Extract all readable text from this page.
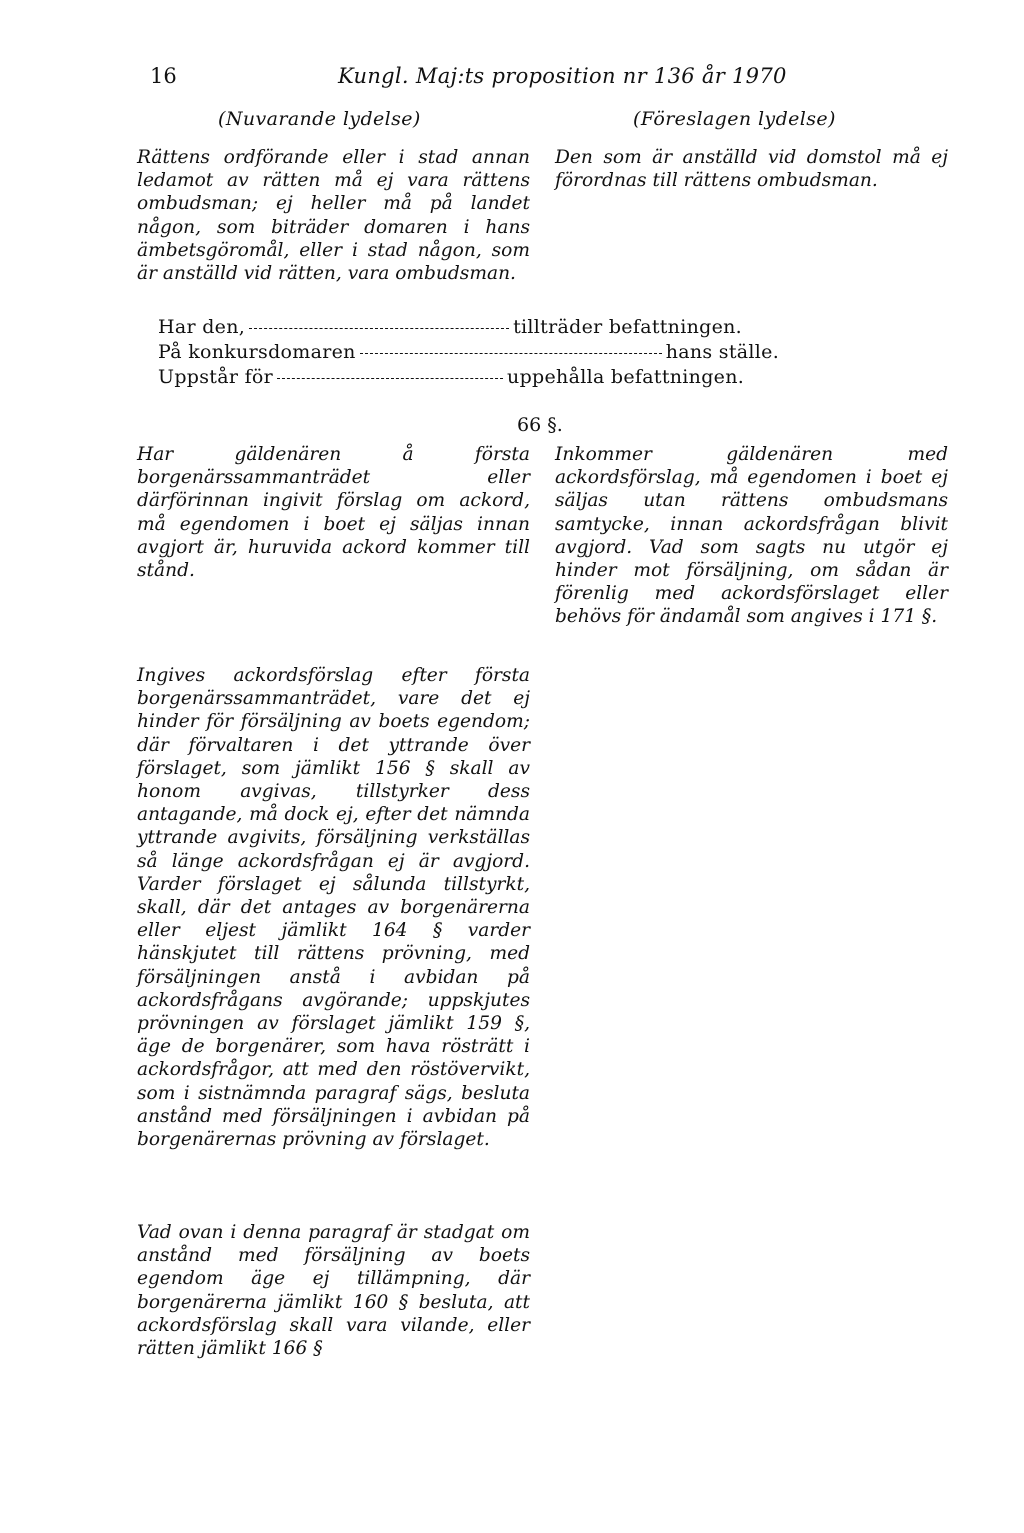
16	Kungl. Maj:ts proposition nr 136 år 1970
(Nuvarande lydelse)	(Föreslagen lydelse)
Rättens ordförande eller i stad annan ledamot av rätten må ej vara rättens ombudsman; ej heller må på landet någon, som biträder domaren i hans ämbetsgöromål, eller i stad någon, som är anställd vid rätten, vara ombudsman.
Den som är anställd vid domstol må ej förordnas till rättens ombudsman.
Har den,	tillträder befattningen.
På konkursdomaren	hans ställe.
Uppstår för	uppehålla befattningen.
66 §.
Har gäldenären å första borgenärssammanträdet eller därförinnan ingivit förslag om ackord, må egendomen i boet ej säljas innan avgjort är, huruvida ackord kommer till stånd.
Inkommer gäldenären med ackordsförslag, må egendomen i boet ej säljas utan rättens ombudsmans samtycke, innan ackordsfrågan blivit avgjord. Vad som sagts nu utgör ej hinder mot försäljning, om sådan är förenlig med ackordsförslaget eller behövs för ändamål som angives i 171 §.
Ingives ackordsförslag efter första borgenärssammanträdet, vare det ej hinder för försäljning av boets egendom; där förvaltaren i det yttrande över förslaget, som jämlikt 156 § skall av honom avgivas, tillstyrker dess antagande, må dock ej, efter det nämnda yttrande avgivits, försäljning verkställas så länge ackordsfrågan ej är avgjord. Varder förslaget ej sålunda tillstyrkt, skall, där det antages av borgenärerna eller eljest jämlikt 164 § varder hänskjutet till rättens prövning, med försäljningen anstå i avbidan på ackordsfrågans avgörande; uppskjutes prövningen av förslaget jämlikt 159 §, äge de borgenärer, som hava rösträtt i ackordsfrågor, att med den röstövervikt, som i sistnämnda paragraf sägs, besluta anstånd med försäljningen i avbidan på borgenärernas prövning av förslaget.
Vad ovan i denna paragraf är stadgat om anstånd med försäljning av boets egendom äge ej tillämpning, där borgenärerna jämlikt 160 § besluta, att ackordsförslag skall vara vilande, eller rätten jämlikt 166 §
